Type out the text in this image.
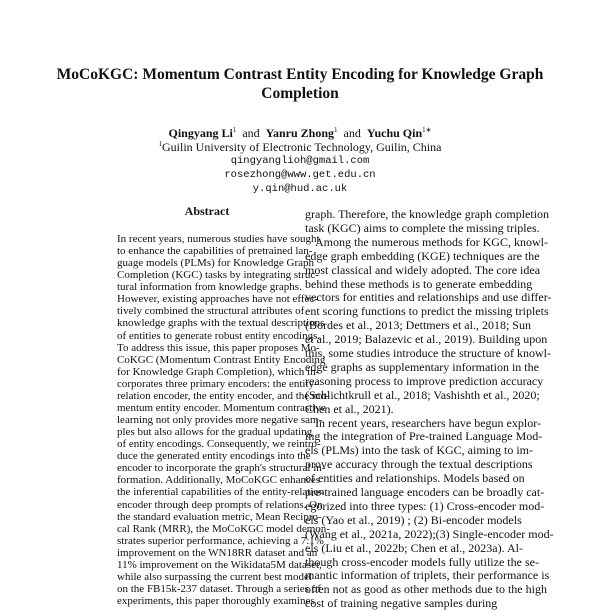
MoCoKGC: Momentum Contrast Entity Encoding for Knowledge Graph
Completion
Qingyang Li$^1$ and Yanru Zhong$^1$ and Yuchu Qin$^{1∗}$
$^1$Guilin University of Electronic Technology, Guilin, China
qingyanglioh@gmail.com
rosezhong@www.get.edu.cn
y.qin@hud.ac.uk
Abstract
In recent years, numerous studies have sought
to enhance the capabilities of pretrained lan-
guage models (PLMs) for Knowledge Graph
Completion (KGC) tasks by integrating struc-
tural information from knowledge graphs.
However, existing approaches have not effec-
tively combined the structural attributes of
knowledge graphs with the textual descriptions
of entities to generate robust entity encodings.
To address this issue, this paper proposes Mo-
CoKGC (Momentum Contrast Entity Encoding
for Knowledge Graph Completion), which in-
corporates three primary encoders: the entity-
relation encoder, the entity encoder, and the mo-
mentum entity encoder. Momentum contrastive
learning not only provides more negative sam-
ples but also allows for the gradual updating
of entity encodings. Consequently, we reintro-
duce the generated entity encodings into the
encoder to incorporate the graph's structural in-
formation. Additionally, MoCoKGC enhances
the inferential capabilities of the entity-relation
encoder through deep prompts of relations. On
the standard evaluation metric, Mean Recipro-
cal Rank (MRR), the MoCoKGC model demon-
strates superior performance, achieving a 7.1%
improvement on the WN18RR dataset and an
11% improvement on the Wikidata5M dataset,
while also surpassing the current best model
on the FB15k-237 dataset. Through a series of
experiments, this paper thoroughly examines
graph. Therefore, the knowledge graph completion
task (KGC) aims to complete the missing triples.
Among the numerous methods for KGC, knowl-
edge graph embedding (KGE) techniques are the
most classical and widely adopted. The core idea
behind these methods is to generate embedding
vectors for entities and relationships and use differ-
ent scoring functions to predict the missing triplets
(Bordes et al., 2013; Dettmers et al., 2018; Sun
et al., 2019; Balazevic et al., 2019). Building upon
this, some studies introduce the structure of knowl-
edge graphs as supplementary information in the
reasoning process to improve prediction accuracy
(Schlichtkrull et al., 2018; Vashishth et al., 2020;
Chen et al., 2021).
In recent years, researchers have begun explor-
ing the integration of Pre-trained Language Mod-
els (PLMs) into the task of KGC, aiming to im-
prove accuracy through the textual descriptions
of entities and relationships. Models based on
pre-trained language encoders can be broadly cat-
egorized into three types: (1) Cross-encoder mod-
els (Yao et al., 2019) ; (2) Bi-encoder models
(Wang et al., 2021a, 2022);(3) Single-encoder mod-
els (Liu et al., 2022b; Chen et al., 2023a). Al-
though cross-encoder models fully utilize the se-
mantic information of triplets, their performance is
often not as good as other methods due to the high
cost of training negative samples during
